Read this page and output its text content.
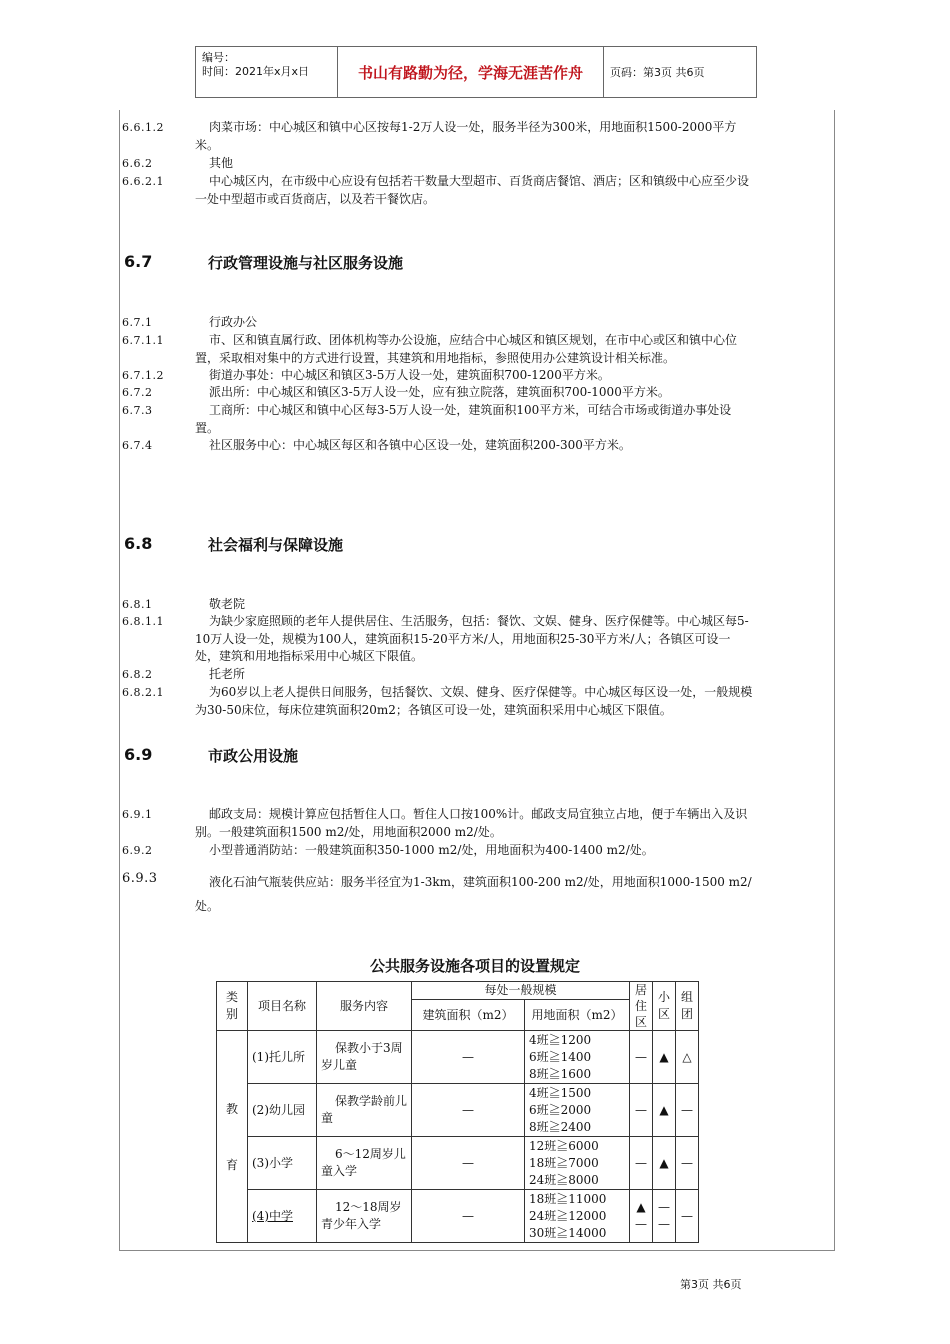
编号：
时间：2021年x月x日	书山有路勤为径，学海无涯苦作舟	页码：第3页 共6页
6.6.1.2	肉菜市场：中心城区和镇中心区按每1-2万人设一处，服务半径为300米，用地面积1500-2000平方
米。
6.6.2	其他
6.6.2.1	中心城区内，在市级中心应设有包括若干数量大型超市、百货商店餐馆、酒店；区和镇级中心应至少设
一处中型超市或百货商店，以及若干餐饮店。
6.7	行政管理设施与社区服务设施
6.7.1	行政办公
6.7.1.1	市、区和镇直属行政、团体机构等办公设施，应结合中心城区和镇区规划，在市中心或区和镇中心位
置，采取相对集中的方式进行设置，其建筑和用地指标，参照使用办公建筑设计相关标准。
6.7.1.2	街道办事处：中心城区和镇区3-5万人设一处，建筑面积700-1200平方米。
6.7.2	派出所：中心城区和镇区3-5万人设一处，应有独立院落，建筑面积700-1000平方米。
6.7.3	工商所：中心城区和镇中心区每3-5万人设一处，建筑面积100平方米，可结合市场或街道办事处设
置。
6.7.4	社区服务中心：中心城区每区和各镇中心区设一处，建筑面积200-300平方米。
6.8	社会福利与保障设施
6.8.1	敬老院
6.8.1.1	为缺少家庭照顾的老年人提供居住、生活服务，包括：餐饮、文娱、健身、医疗保健等。中心城区每5-
10万人设一处，规模为100人，建筑面积15-20平方米/人，用地面积25-30平方米/人；各镇区可设一
处，建筑和用地指标采用中心城区下限值。
6.8.2	托老所
6.8.2.1	为60岁以上老人提供日间服务，包括餐饮、文娱、健身、医疗保健等。中心城区每区设一处，一般规模
为30-50床位，每床位建筑面积20m2；各镇区可设一处，建筑面积采用中心城区下限值。
6.9	市政公用设施
6.9.1	邮政支局：规模计算应包括暂住人口。暂住人口按100%计。邮政支局宜独立占地，便于车辆出入及识
别。一般建筑面积1500 m2/处，用地面积2000 m2/处。
6.9.2	小型普通消防站：一般建筑面积350-1000 m2/处，用地面积为400-1400 m2/处。
6.9.3	液化石油气瓶装供应站：服务半径宜为1-3km，建筑面积100-200 m2/处，用地面积1000-1500 m2/
处。
公共服务设施各项目的设置规定
类别	项目名称	服务内容	每处一般规模		居住区	小区	组团
			建筑面积（m2）	用地面积（m2）			
教育	(1)托儿所	保教小于3周岁儿童	—	4班≧1200
6班≧1400
8班≧1600	—	▲	△
	(2)幼儿园	保教学龄前儿童	—	4班≧1500
6班≧2000
8班≧2400	—	▲	—
	(3)小学	6～12周岁儿童入学	—	12班≧6000
18班≧7000
24班≧8000	—	▲	—
	(4)中学	12～18周岁青少年入学	—	18班≧11000
24班≧12000
30班≧14000	▲ —	— —	—
第3页 共6页
